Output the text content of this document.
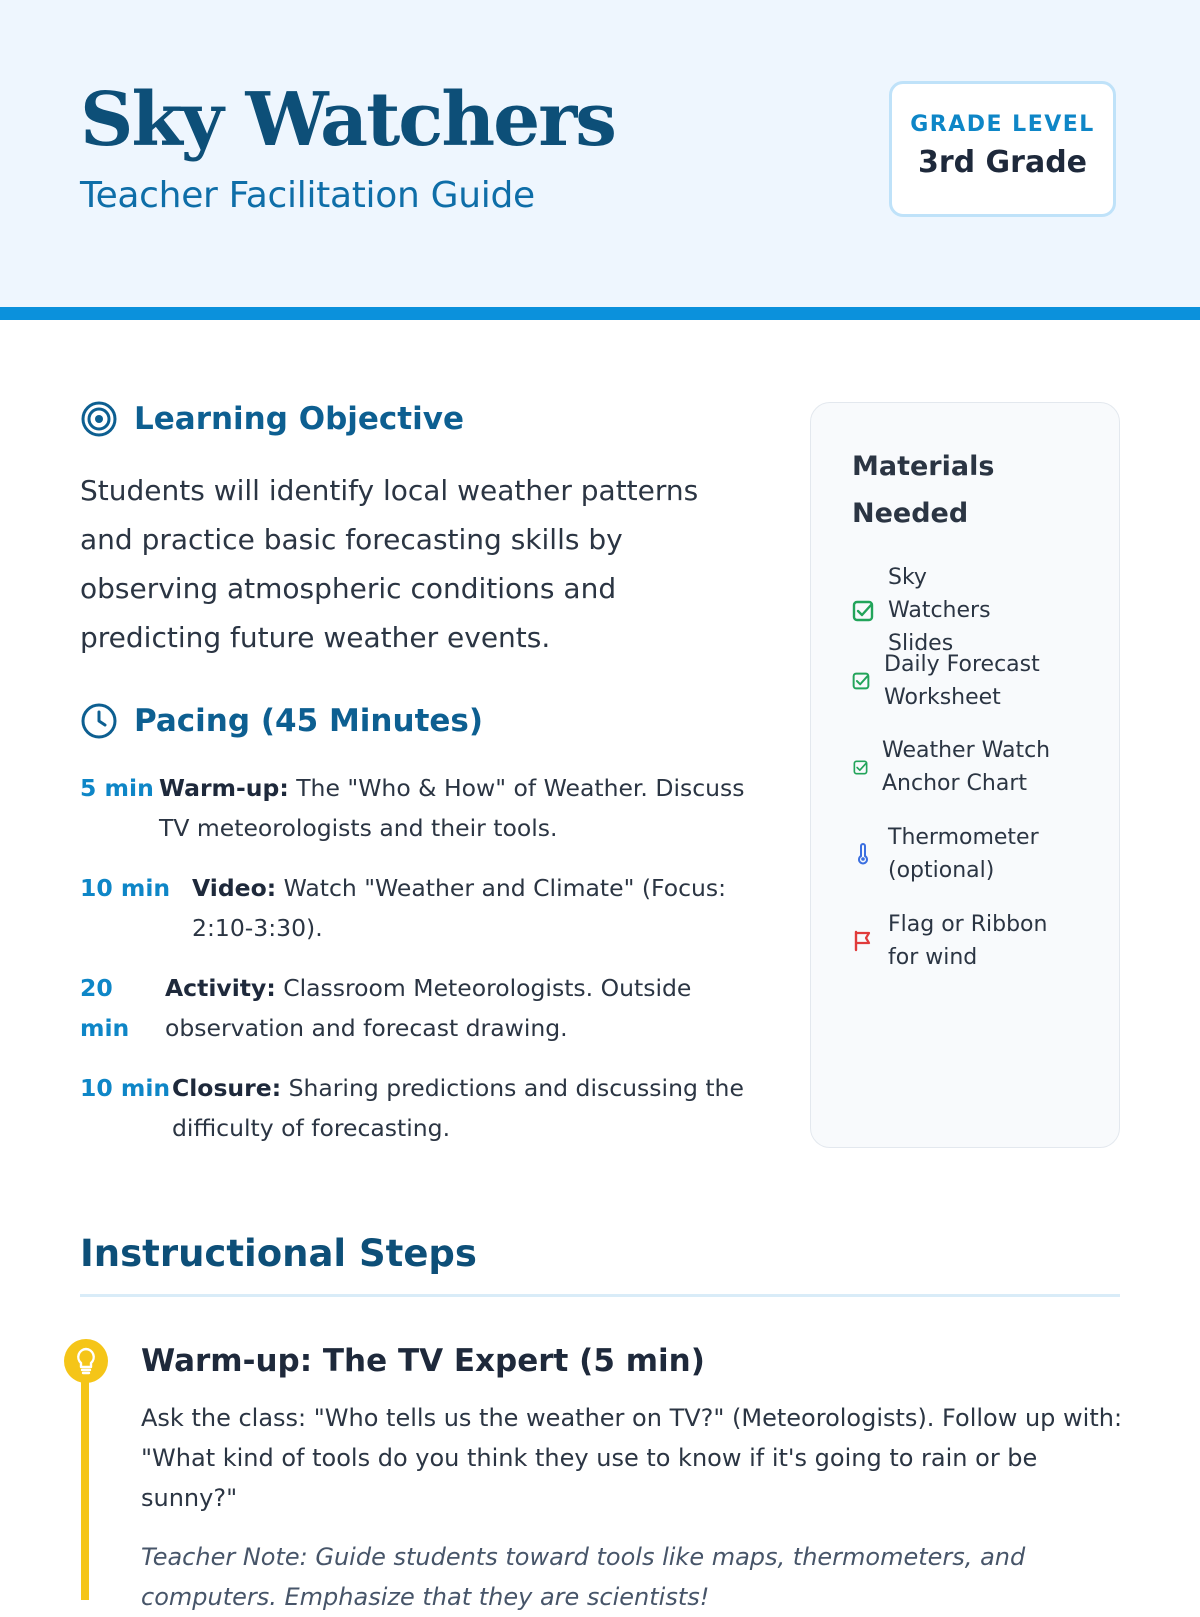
Sky Watchers
Teacher Facilitation Guide
GRADE LEVEL
3rd Grade
Learning Objective

Students will identify local weather patterns and practice basic forecasting skills by observing atmospheric conditions and predicting future weather events.

Pacing (45 Minutes)
5 min Warm-up: The "Who & How" of Weather. Discuss TV meteorologists and their tools.
10 min Video: Watch "Weather and Climate" (Focus: 2:10-3:30).
20 min
Activity: Classroom Meteorologists. Outside observation and forecast drawing.
10 min Closure: Sharing predictions and discussing the difficulty of forecasting.
Materials Needed
Sky Watchers Slides
Daily Forecast Worksheet
Weather Watch Anchor Chart
Thermometer (optional)
Flag or Ribbon for wind
Instructional Steps
Warm-up: The TV Expert (5 min)

Ask the class: "Who tells us the weather on TV?" (Meteorologists). Follow up with: "What kind of tools do you think they use to know if it's going to rain or be sunny?"

Teacher Note: Guide students toward tools like maps, thermometers, and computers. Emphasize that they are scientists!
